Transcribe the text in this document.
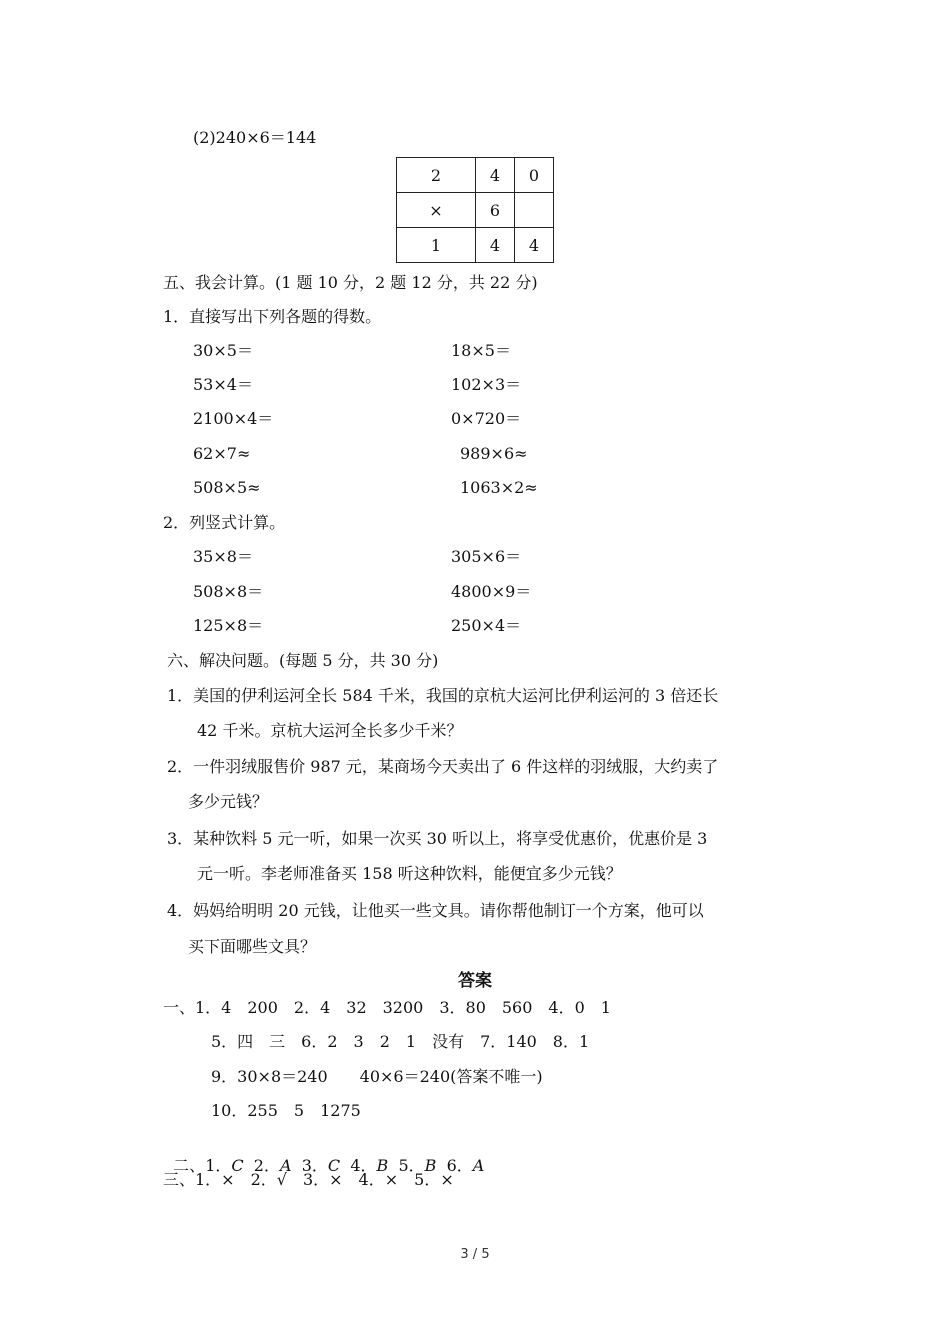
(2)240×6＝144
2	4	0
×	6	
1	4	4
五、我会计算。(1 题 10 分，2 题 12 分，共 22 分)
1．直接写出下列各题的得数。
30×5＝	18×5＝
53×4＝	102×3＝
2100×4＝	0×720＝
62×7≈	989×6≈
508×5≈	1063×2≈
2．列竖式计算。
35×8＝	305×6＝
508×8＝	4800×9＝
125×8＝	250×4＝
六、解决问题。(每题 5 分，共 30 分)
1．美国的伊利运河全长 584 千米，我国的京杭大运河比伊利运河的 3 倍还长
42 千米。京杭大运河全长多少千米？
2．一件羽绒服售价 987 元，某商场今天卖出了 6 件这样的羽绒服，大约卖了
多少元钱？
3．某种饮料 5 元一听，如果一次买 30 听以上，将享受优惠价，优惠价是 3
元一听。李老师准备买 158 听这种饮料，能便宜多少元钱？
4．妈妈给明明 20 元钱，让他买一些文具。请你帮他制订一个方案，他可以
买下面哪些文具？
答案
一、1．4　200　2．4　32　3200　3．80　560　4．0　1
5．四　三　6．2　3　2　1　没有　7．140　8．1
9．30×8＝240　　40×6＝240(答案不唯一)
10．255　5　1275

二、1．C 2．A 3．C 4．B 5．B 6．A

三、1．×　2．√　3．×　4．×　5．×
3 / 5
